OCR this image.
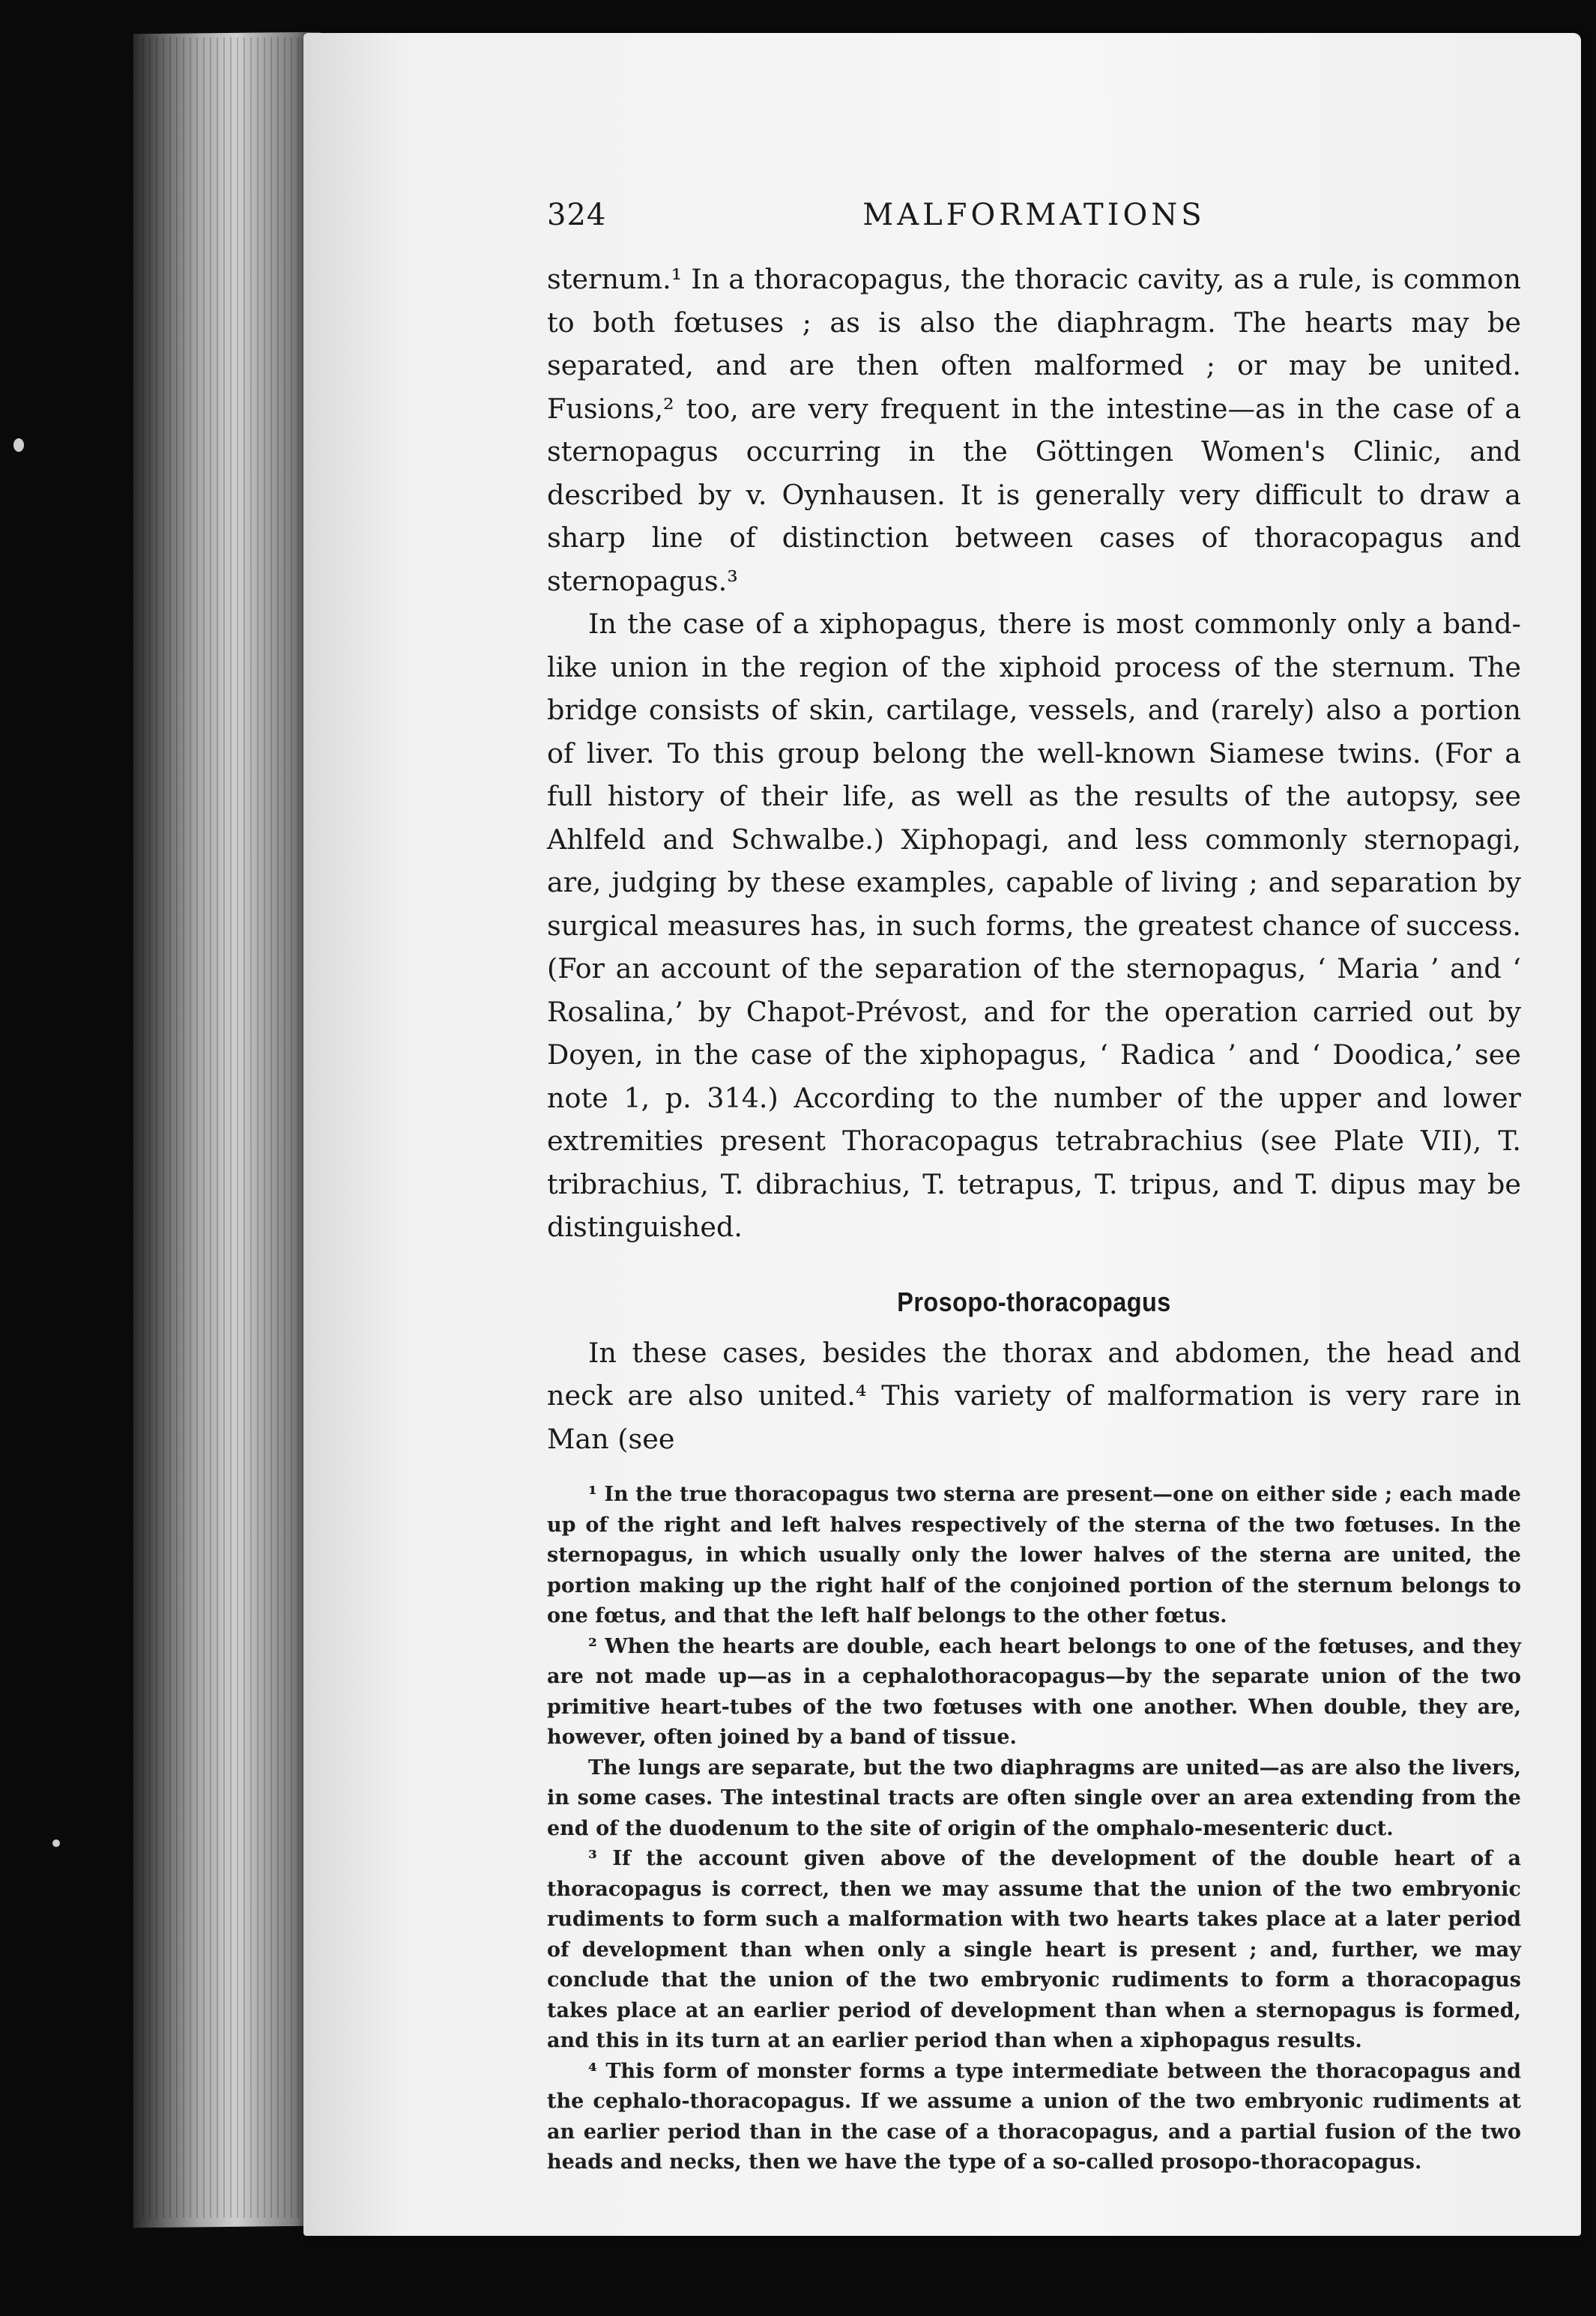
324	MALFORMATIONS

sternum.¹ In a thoracopagus, the thoracic cavity, as a rule, is common to both fœtuses ; as is also the diaphragm. The hearts may be separated, and are then often malformed ; or may be united. Fusions,² too, are very frequent in the intestine—as in the case of a sternopagus occurring in the Göttingen Women's Clinic, and described by v. Oynhausen. It is generally very difficult to draw a sharp line of distinction between cases of thoracopagus and sternopagus.³

In the case of a xiphopagus, there is most commonly only a band-like union in the region of the xiphoid process of the sternum. The bridge consists of skin, cartilage, vessels, and (rarely) also a portion of liver. To this group belong the well-known Siamese twins. (For a full history of their life, as well as the results of the autopsy, see Ahlfeld and Schwalbe.) Xiphopagi, and less commonly sternopagi, are, judging by these examples, capable of living ; and separation by surgical measures has, in such forms, the greatest chance of success. (For an account of the separation of the sternopagus, ‘ Maria ’ and ‘ Rosalina,’ by Chapot-Prévost, and for the operation carried out by Doyen, in the case of the xiphopagus, ‘ Radica ’ and ‘ Doodica,’ see note 1, p. 314.) According to the number of the upper and lower extremities present Thoracopagus tetrabrachius (see Plate VII), T. tribrachius, T. dibrachius, T. tetrapus, T. tripus, and T. dipus may be distinguished.

Prosopo-thoracopagus

In these cases, besides the thorax and abdomen, the head and neck are also united.⁴ This variety of malformation is very rare in Man (see

¹ In the true thoracopagus two sterna are present—one on either side ; each made up of the right and left halves respectively of the sterna of the two fœtuses. In the sternopagus, in which usually only the lower halves of the sterna are united, the portion making up the right half of the conjoined portion of the sternum belongs to one fœtus, and that the left half belongs to the other fœtus.

² When the hearts are double, each heart belongs to one of the fœtuses, and they are not made up—as in a cephalothoracopagus—by the separate union of the two primitive heart-tubes of the two fœtuses with one another. When double, they are, however, often joined by a band of tissue.

The lungs are separate, but the two diaphragms are united—as are also the livers, in some cases. The intestinal tracts are often single over an area extending from the end of the duodenum to the site of origin of the omphalo-mesenteric duct.

³ If the account given above of the development of the double heart of a thoracopagus is correct, then we may assume that the union of the two embryonic rudiments to form such a malformation with two hearts takes place at a later period of development than when only a single heart is present ; and, further, we may conclude that the union of the two embryonic rudiments to form a thoracopagus takes place at an earlier period of development than when a sternopagus is formed, and this in its turn at an earlier period than when a xiphopagus results.

⁴ This form of monster forms a type intermediate between the thoracopagus and the cephalo-thoracopagus. If we assume a union of the two embryonic rudiments at an earlier period than in the case of a thoracopagus, and a partial fusion of the two heads and necks, then we have the type of a so-called prosopo-thoracopagus.
